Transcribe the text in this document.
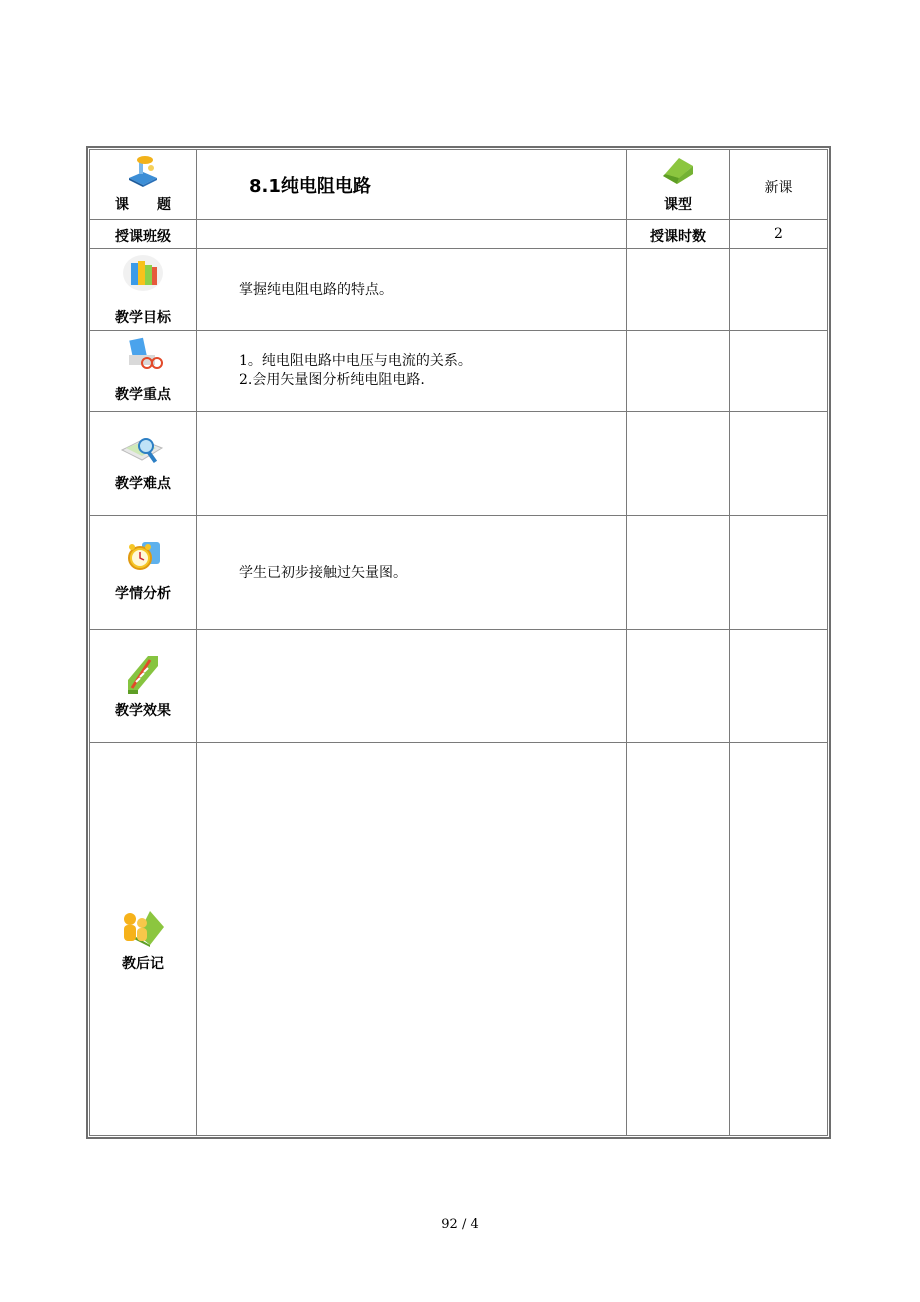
课　　题	8.1纯电阻电路	课型	新课

授课班级		授课时数	2

教学目标	掌握纯电阻电路的特点。		

教学重点	1。纯电阻电路中电压与电流的关系。
2.会用矢量图分析纯电阻电路.		

教学难点			

学情分析	学生已初步接触过矢量图。		

教学效果			

教后记			

92 / 4
